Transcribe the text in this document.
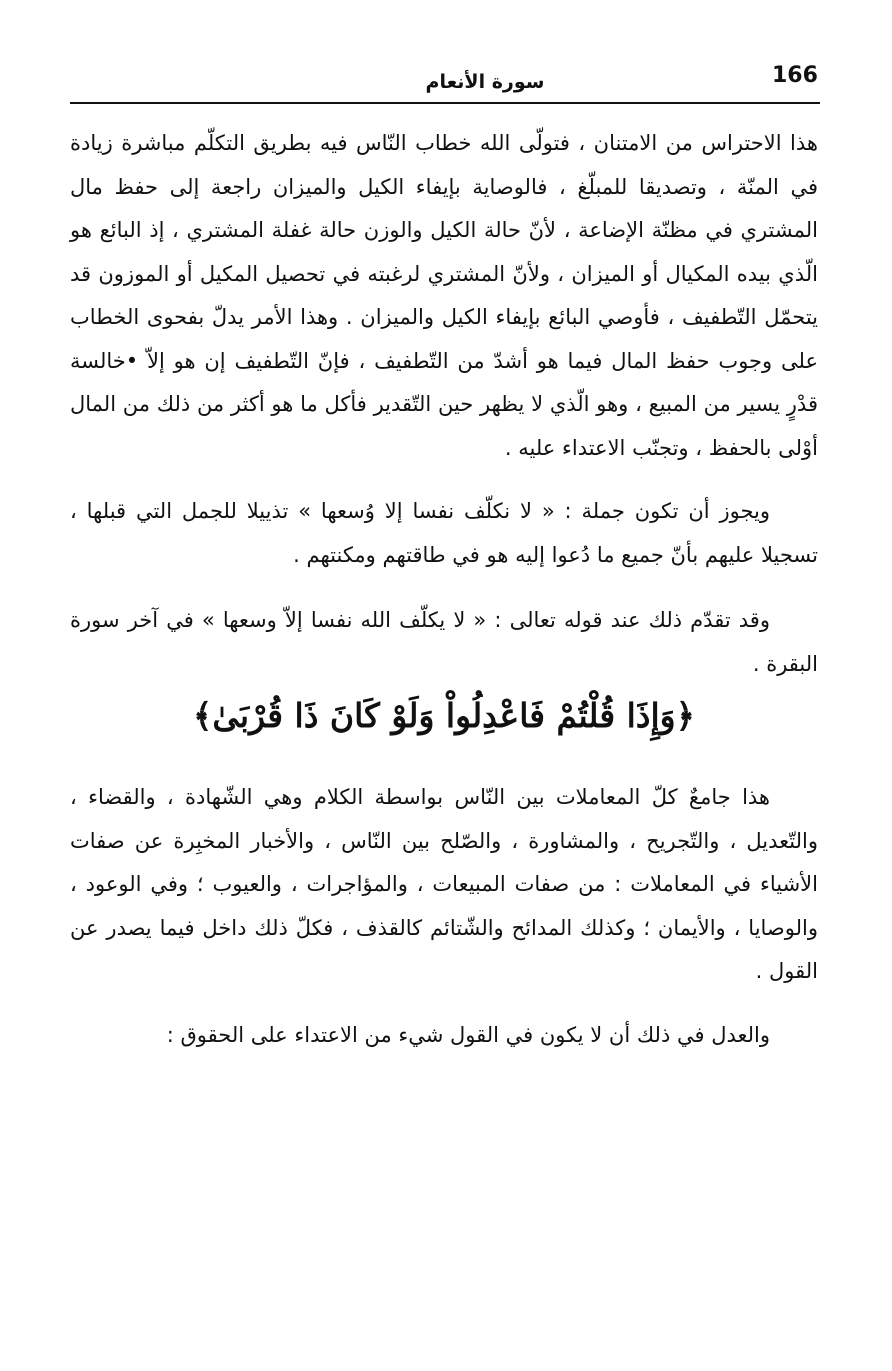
166
سورة الأنعام

هذا الاحتراس من الامتنان ، فتولّى الله خطاب النّاس فيه بطريق التكلّم مباشرة زيادة في المنّة ، وتصديقا للمبلّغ ، فالوصاية بإيفاء الكيل والميزان راجعة إلى حفظ مال المشتري في مظنّة الإضاعة ، لأنّ حالة الكيل والوزن حالة غفلة المشتري ، إذ البائع هو الّذي بيده المكيال أو الميزان ، ولأنّ المشتري لرغبته في تحصيل المكيل أو الموزون قد يتحمّل التّطفيف ، فأوصي البائع بإيفاء الكيل والميزان . وهذا الأمر يدلّ بفحوى الخطاب على وجوب حفظ المال فيما هو أشدّ من التّطفيف ، فإنّ التّطفيف إن هو إلاّ •خالسة قدْرٍ يسير من المبيع ، وهو الّذي لا يظهر حين التّقدير فأكل ما هو أكثر من ذلك من المال أوْلى بالحفظ ، وتجنّب الاعتداء عليه .

ويجوز أن تكون جملة : « لا نكلّف نفسا إلا وُسعها » تذييلا للجمل التي قبلها ، تسجيلا عليهم بأنّ جميع ما دُعوا إليه هو في طاقتهم ومكنتهم .

وقد تقدّم ذلك عند قوله تعالى : « لا يكلّف الله نفسا إلاّ وسعها » في آخر سورة البقرة .

﴿وَإِذَا قُلْتُمْ فَاعْدِلُواْ وَلَوْ كَانَ ذَا قُرْبَىٰ﴾

هذا جامعٌ كلّ المعاملات بين النّاس بواسطة الكلام وهي الشّهادة ، والقضاء ، والتّعديل ، والتّجريح ، والمشاورة ، والصّلح بين النّاس ، والأخبار المخبِرة عن صفات الأشياء في المعاملات : من صفات المبيعات ، والمؤاجرات ، والعيوب ؛ وفي الوعود ، والوصايا ، والأيمان ؛ وكذلك المدائح والشّتائم كالقذف ، فكلّ ذلك داخل فيما يصدر عن القول .

والعدل في ذلك أن لا يكون في القول شيء من الاعتداء على الحقوق :
